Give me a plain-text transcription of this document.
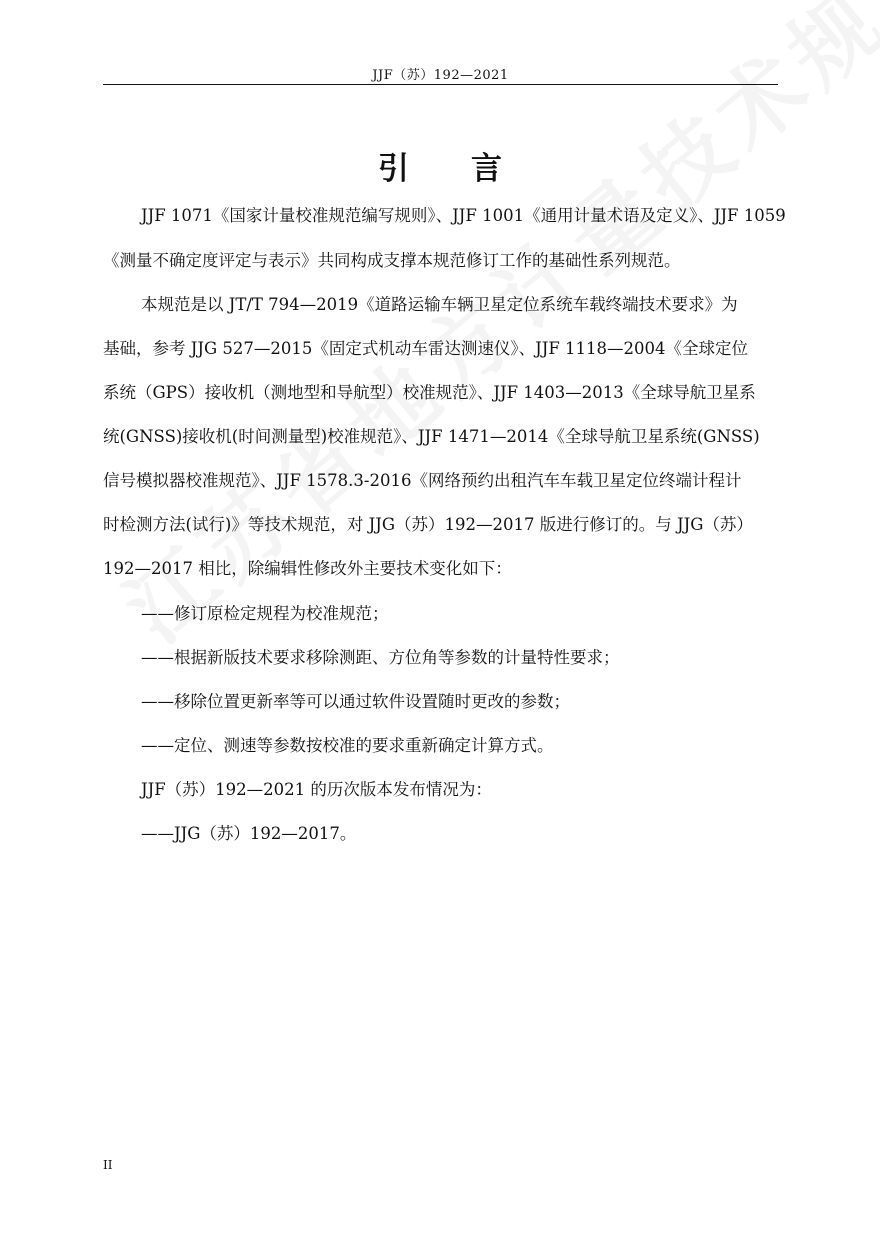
JJF（苏）192—2021
引 言
JJF 1071《国家计量校准规范编写规则》、JJF 1001《通用计量术语及定义》、JJF 1059
《测量不确定度评定与表示》共同构成支撑本规范修订工作的基础性系列规范。
本规范是以 JT/T 794—2019《道路运输车辆卫星定位系统车载终端技术要求》为
基础，参考 JJG 527—2015《固定式机动车雷达测速仪》、JJF 1118—2004《全球定位
系统（GPS）接收机（测地型和导航型）校准规范》、JJF 1403—2013《全球导航卫星系
统(GNSS)接收机(时间测量型)校准规范》、JJF 1471—2014《全球导航卫星系统(GNSS)
信号模拟器校准规范》、JJF 1578.3-2016《网络预约出租汽车车载卫星定位终端计程计
时检测方法(试行)》等技术规范，对 JJG（苏）192—2017 版进行修订的。与 JJG（苏）
192—2017 相比，除编辑性修改外主要技术变化如下：
——修订原检定规程为校准规范；
——根据新版技术要求移除测距、方位角等参数的计量特性要求；
——移除位置更新率等可以通过软件设置随时更改的参数；
——定位、测速等参数按校准的要求重新确定计算方式。
JJF（苏）192—2021 的历次版本发布情况为：
——JJG（苏）192—2017。
II
